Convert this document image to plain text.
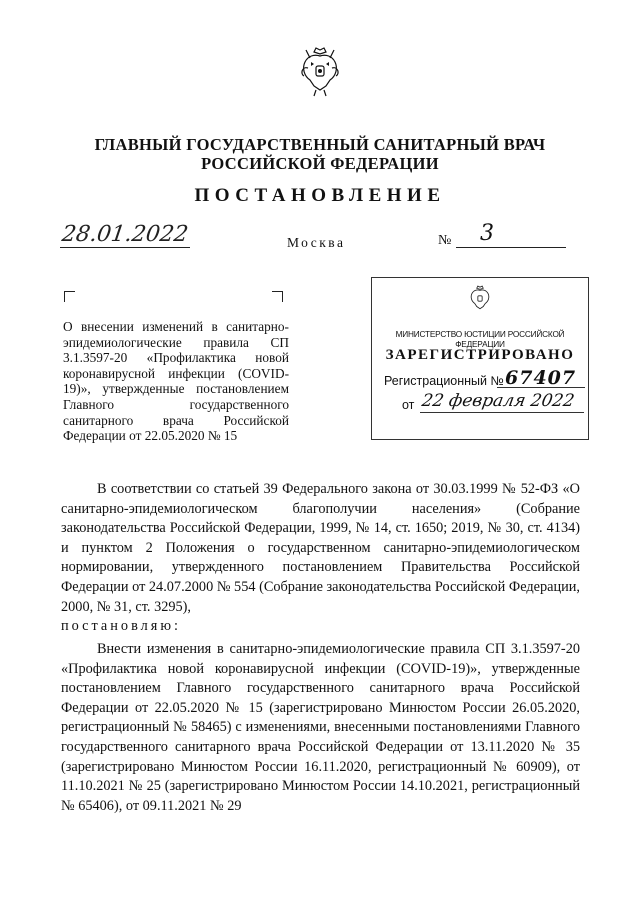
ГЛАВНЫЙ ГОСУДАРСТВЕННЫЙ САНИТАРНЫЙ ВРАЧ
РОССИЙСКОЙ ФЕДЕРАЦИИ
ПОСТАНОВЛЕНИЕ
28.01.2022	Москва	№ 3
О внесении изменений в санитарно-эпидемиологические правила СП 3.1.3597-20 «Профилактика новой коронавирусной инфекции (COVID-19)», утвержденные постановлением Главного государственного санитарного врача Российской Федерации от 22.05.2020 № 15
МИНИСТЕРСТВО ЮСТИЦИИ РОССИЙСКОЙ ФЕДЕРАЦИИ
ЗАРЕГИСТРИРОВАНО
Регистрационный № 67407
от 22 февраля 2022
В соответствии со статьей 39 Федерального закона от 30.03.1999 № 52-ФЗ «О санитарно-эпидемиологическом благополучии населения» (Собрание законодательства Российской Федерации, 1999, № 14, ст. 1650; 2019, № 30, ст. 4134) и пунктом 2 Положения о государственном санитарно-эпидемиологическом нормировании, утвержденного постановлением Правительства Российской Федерации от 24.07.2000 № 554 (Собрание законодательства Российской Федерации, 2000, № 31, ст. 3295),
постановляю:
Внести изменения в санитарно-эпидемиологические правила СП 3.1.3597-20 «Профилактика новой коронавирусной инфекции (COVID-19)», утвержденные постановлением Главного государственного санитарного врача Российской Федерации от 22.05.2020 № 15 (зарегистрировано Минюстом России 26.05.2020, регистрационный № 58465) с изменениями, внесенными постановлениями Главного государственного санитарного врача Российской Федерации от 13.11.2020 № 35 (зарегистрировано Минюстом России 16.11.2020, регистрационный № 60909), от 11.10.2021 № 25 (зарегистрировано Минюстом России 14.10.2021, регистрационный № 65406), от 09.11.2021 № 29
